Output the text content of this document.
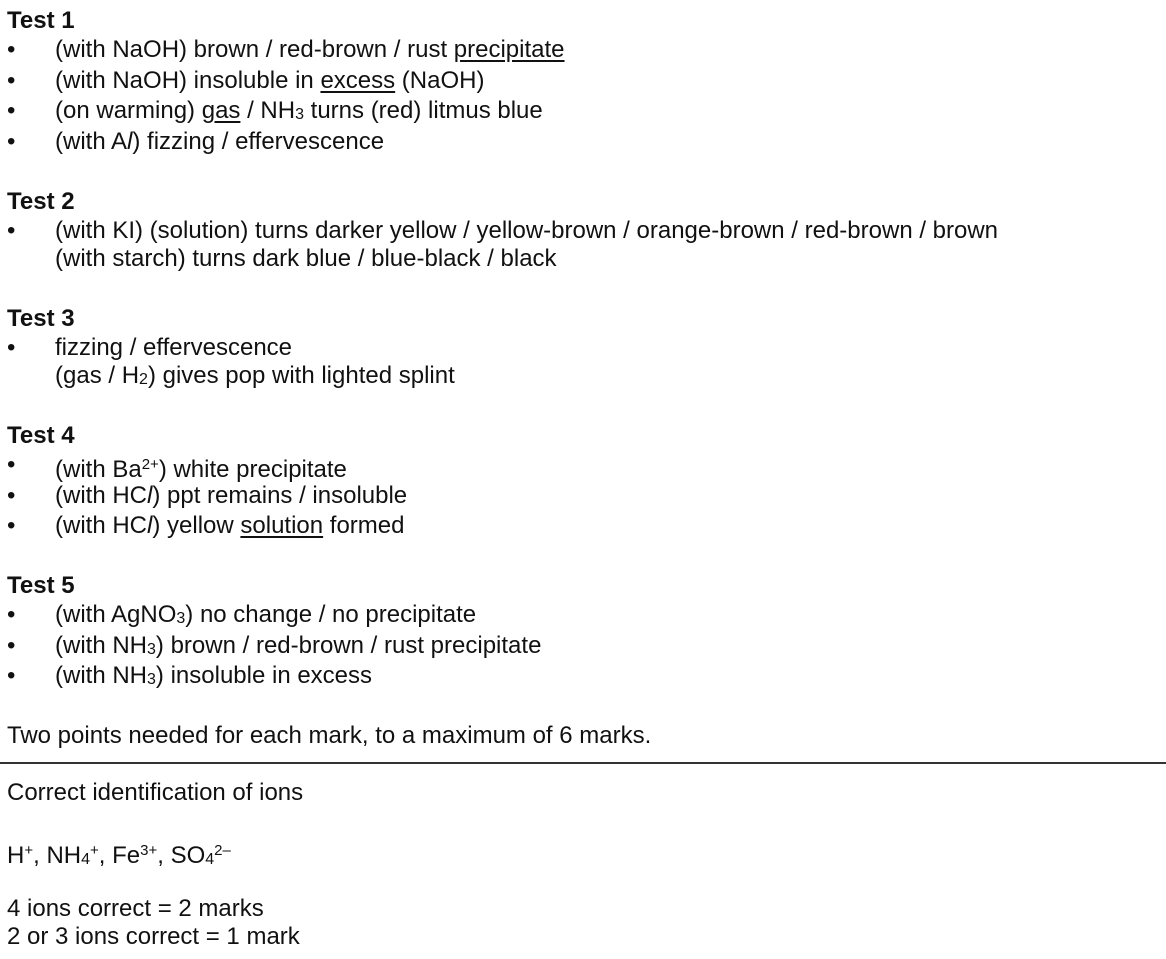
Test 1
•	(with NaOH) brown / red-brown / rust precipitate
•	(with NaOH) insoluble in excess (NaOH)
•	(on warming) gas / NH3 turns (red) litmus blue
•	(with Al) fizzing / effervescence
Test 2
•	(with KI) (solution) turns darker yellow / yellow-brown / orange-brown / red-brown / brown
(with starch) turns dark blue / blue-black / black
Test 3
•	fizzing / effervescence
(gas / H2) gives pop with lighted splint
Test 4
•	(with $Ba^{2+}$) white precipitate
•	(with HCl) ppt remains / insoluble
•	(with HCl) yellow solution formed
Test 5
•	(with AgNO3) no change / no precipitate
•	(with NH3) brown / red-brown / rust precipitate
•	(with NH3) insoluble in excess
Two points needed for each mark, to a maximum of 6 marks.
Correct identification of ions
H+, NH4+, $Fe^{3+}$, $SO4^{2-}$
4 ions correct = 2 marks
2 or 3 ions correct = 1 mark
